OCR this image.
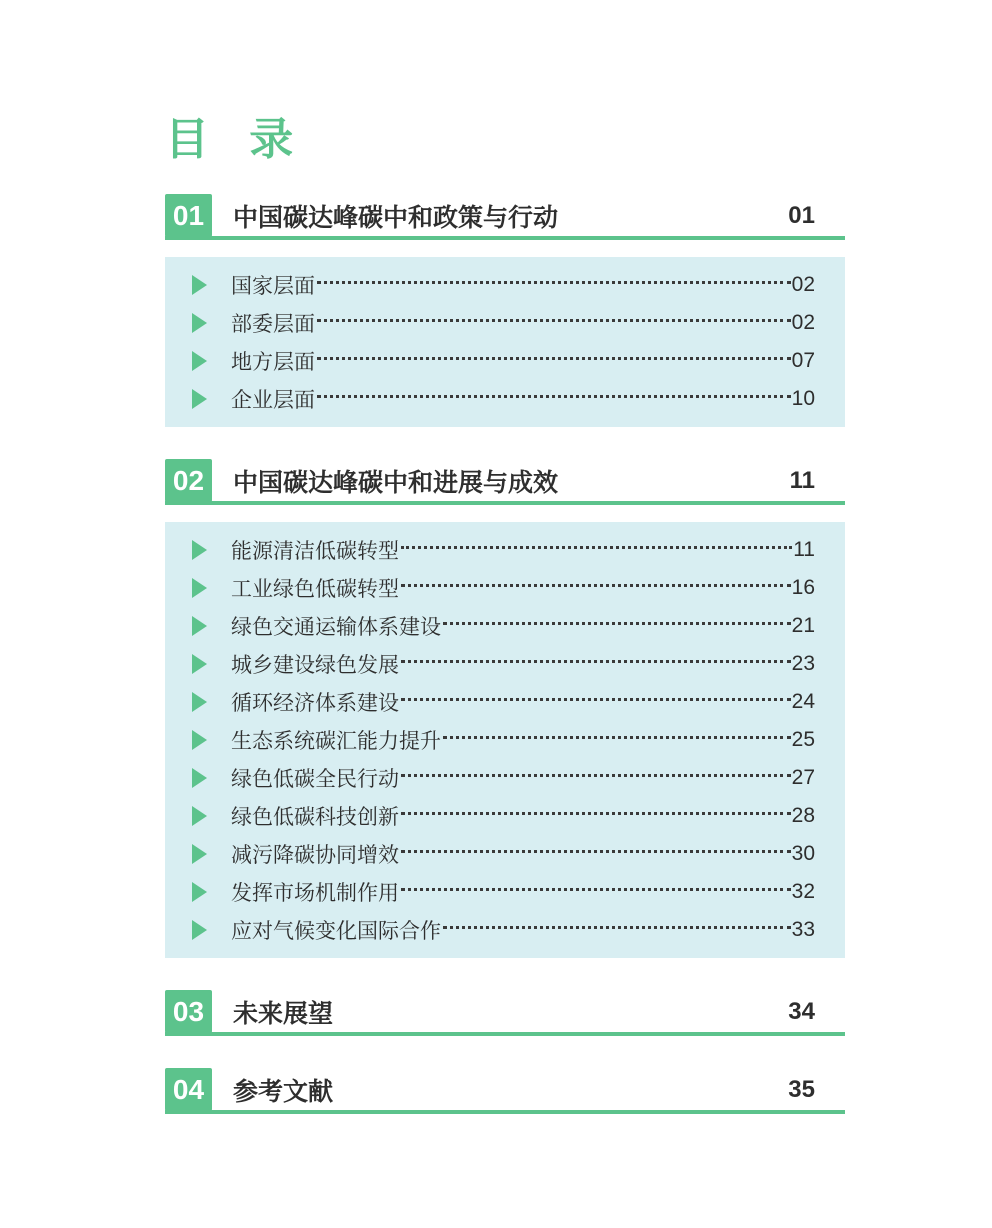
目 录
01	中国碳达峰碳中和政策与行动	01
国家层面	02
部委层面	02
地方层面	07
企业层面	10
02	中国碳达峰碳中和进展与成效	11
能源清洁低碳转型	11
工业绿色低碳转型	16
绿色交通运输体系建设	21
城乡建设绿色发展	23
循环经济体系建设	24
生态系统碳汇能力提升	25
绿色低碳全民行动	27
绿色低碳科技创新	28
减污降碳协同增效	30
发挥市场机制作用	32
应对气候变化国际合作	33
03	未来展望	34
04	参考文献	35
